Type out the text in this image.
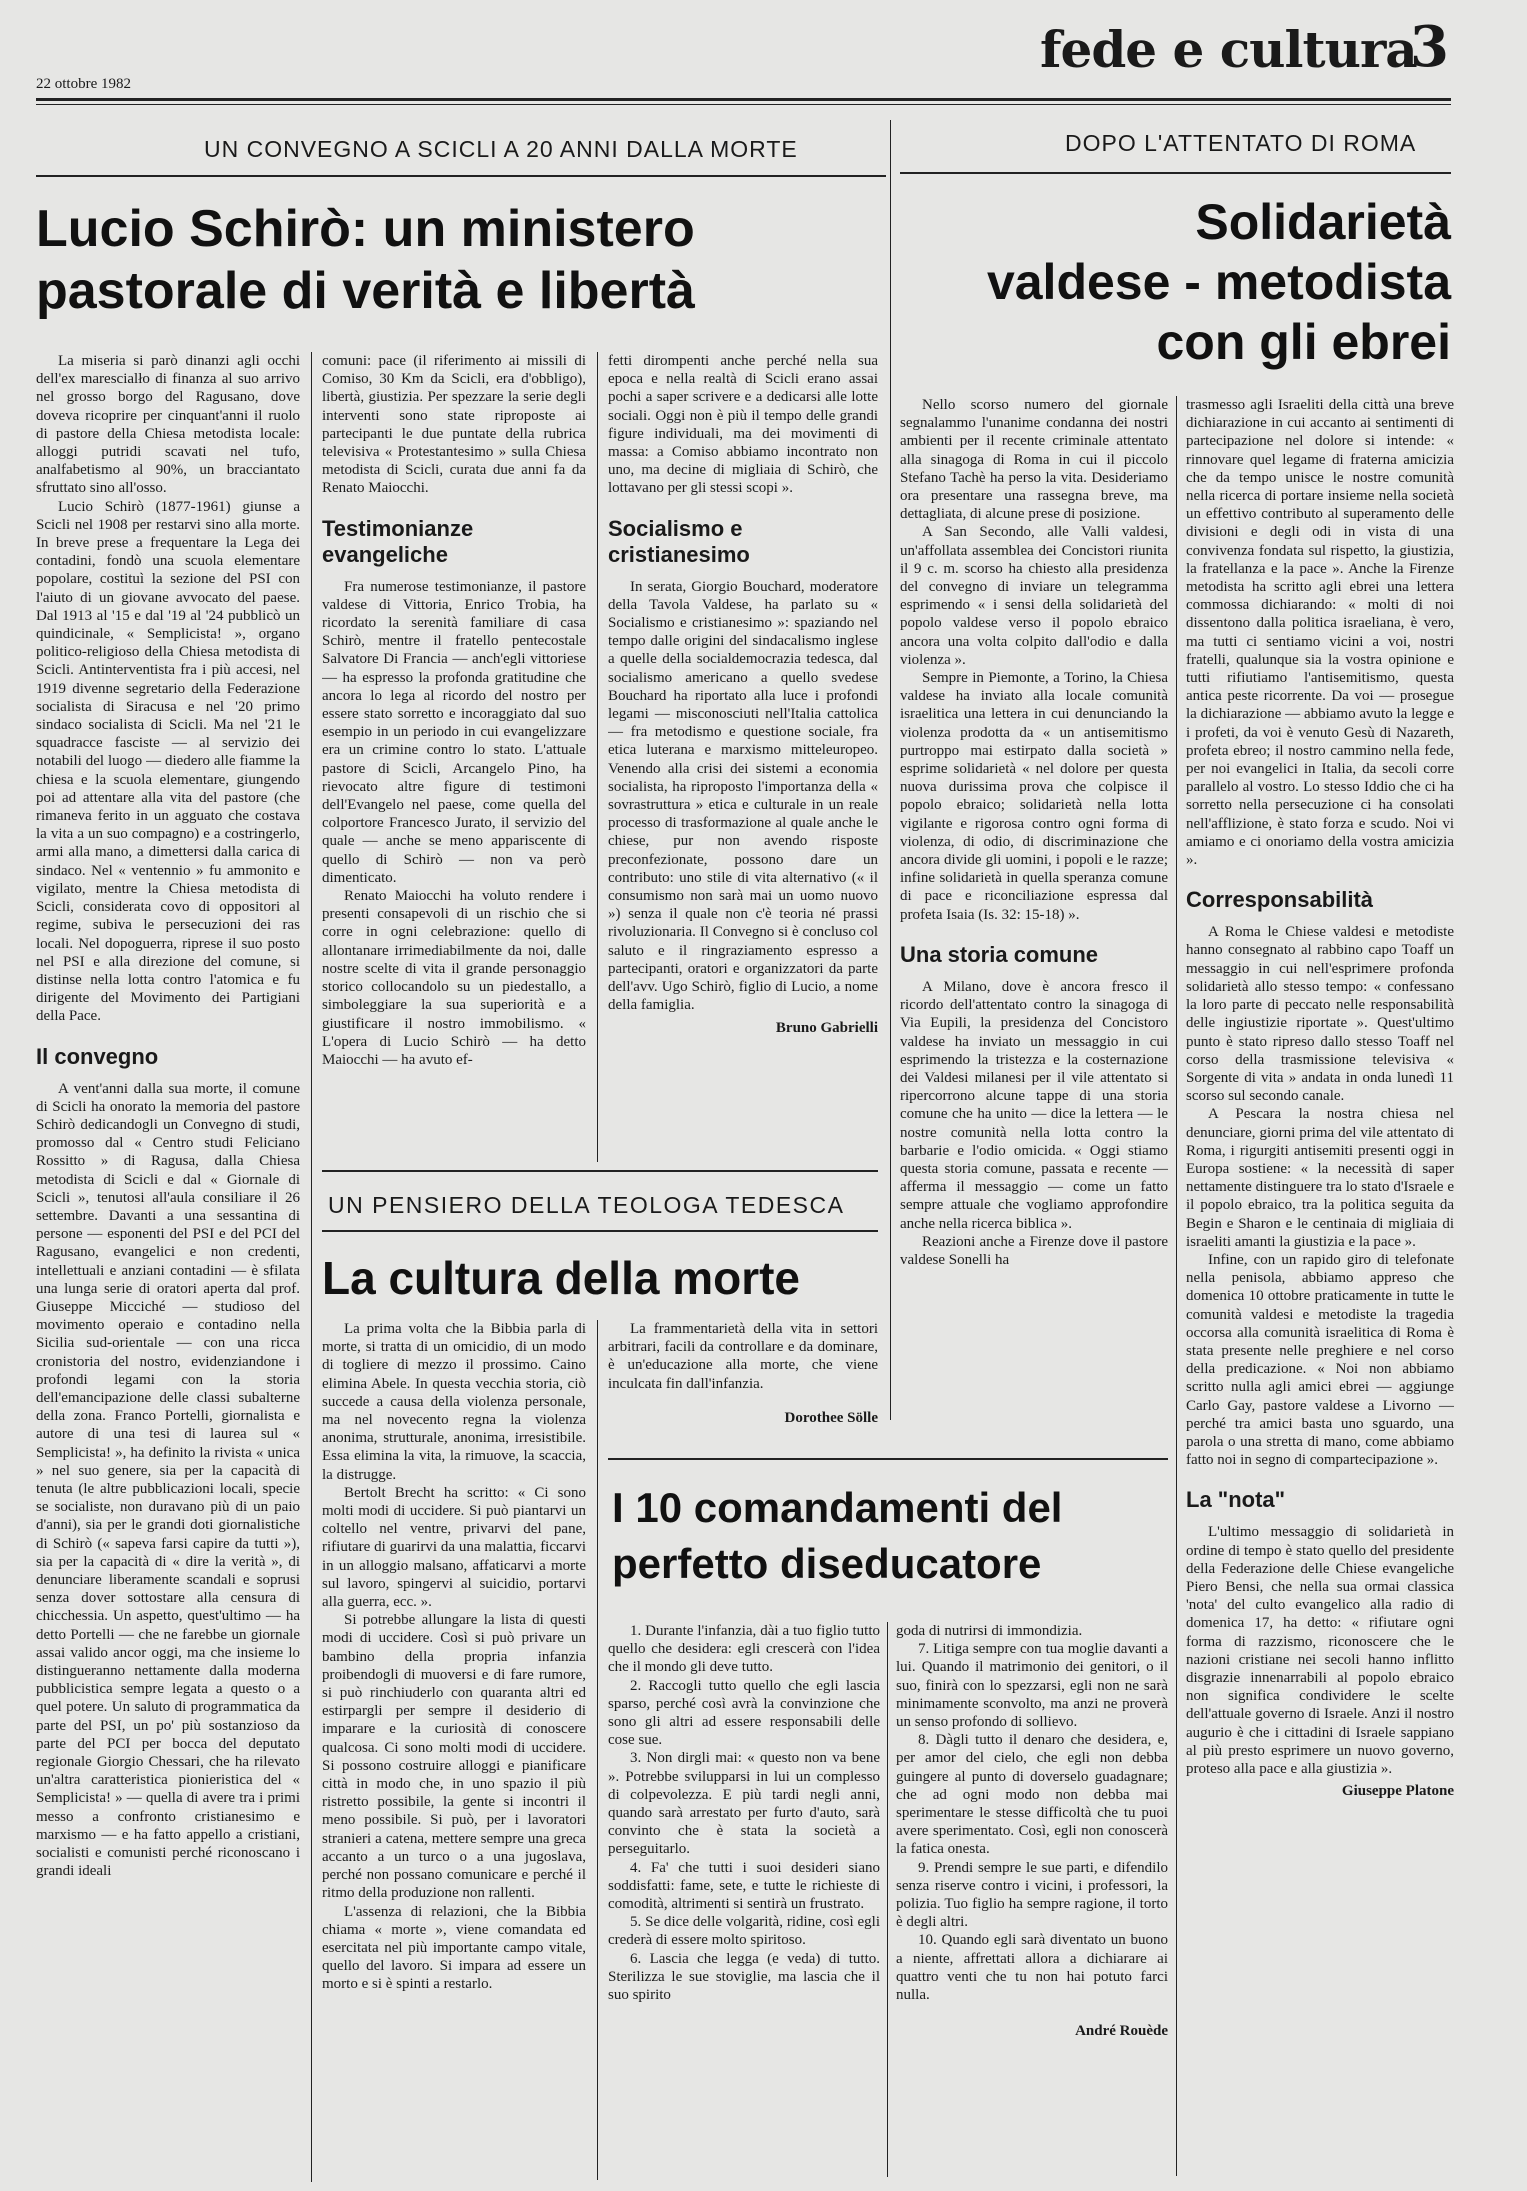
22 ottobre 1982
fede e cultura
3
UN CONVEGNO A SCICLI A 20 ANNI DALLA MORTE
Lucio Schirò: un ministero
pastorale di verità e libertà

La miseria si parò dinanzi agli occhi dell'ex marescialło di finanza al suo arrivo nel grosso borgo del Ragusano, dove doveva ricoprire per cinquant'anni il ruolo di pastore della Chiesa metodista locale: alloggi putridi scavati nel tufo, analfabetismo al 90%, un bracciantato sfruttato sino all'osso.

Lucio Schirò (1877-1961) giunse a Scicli nel 1908 per restarvi sino alla morte. In breve prese a frequentare la Lega dei contadini, fondò una scuola elementare popolare, costituì la sezione del PSI con l'aiuto di un giovane avvocato del paese. Dal 1913 al '15 e dal '19 al '24 pubblicò un quindicinale, « Semplicista! », organo politico-religioso della Chiesa metodista di Scicli. Antinterventista fra i più accesi, nel 1919 divenne segretario della Federazione socialista di Siracusa e nel '20 primo sindaco socialista di Scicli. Ma nel '21 le squadracce fasciste — al servizio dei notabili del luogo — diedero alle fiamme la chiesa e la scuola elementare, giungendo poi ad attentare alla vita del pastore (che rimaneva ferito in un agguato che costava la vita a un suo compagno) e a costringerlo, armi alla mano, a dimettersi dalla carica di sindaco. Nel « ventennio » fu ammonito e vigilato, mentre la Chiesa metodista di Scicli, considerata covo di oppositori al regime, subiva le persecuzioni dei ras locali. Nel dopoguerra, riprese il suo posto nel PSI e alla direzione del comune, si distinse nella lotta contro l'atomica e fu dirigente del Movimento dei Partigiani della Pace.

Il convegno

A vent'anni dalla sua morte, il comune di Scicli ha onorato la memoria del pastore Schirò dedicandogli un Convegno di studi, promosso dal « Centro studi Feliciano Rossitto » di Ragusa, dalla Chiesa metodista di Scicli e dal « Giornale di Scicli », tenutosi all'aula consiliare il 26 settembre. Davanti a una sessantina di persone — esponenti del PSI e del PCI del Ragusano, evangelici e non credenti, intellettuali e anziani contadini — è sfilata una lunga serie di oratori aperta dal prof. Giuseppe Micciché — studioso del movimento operaio e contadino nella Sicilia sud-orientale — con una ricca cronistoria del nostro, evidenziandone i profondi legami con la storia dell'emancipazione delle classi subalterne della zona. Franco Portelli, giornalista e autore di una tesi di laurea sul « Semplicista! », ha definito la rivista « unica » nel suo genere, sia per la capacità di tenuta (le altre pubblicazioni locali, specie se socialiste, non duravano più di un paio d'anni), sia per le grandi doti giornalistiche di Schirò (« sapeva farsi capire da tutti »), sia per la capacità di « dire la verità », di denunciare liberamente scandali e soprusi senza dover sottostare alla censura di chicchessia. Un aspetto, quest'ultimo — ha detto Portelli — che ne farebbe un giornale assai valido ancor oggi, ma che insieme lo distingueranno nettamente dalla moderna pubblicistica sempre legata a questo o a quel potere. Un saluto di programmatica da parte del PSI, un po' più sostanzioso da parte del PCI per bocca del deputato regionale Giorgio Chessari, che ha rilevato un'altra caratteristica pionieristica del « Semplicista! » — quella di avere tra i primi messo a confronto cristianesimo e marxismo — e ha fatto appello a cristiani, socialisti e comunisti perché riconoscano i grandi ideali

comuni: pace (il riferimento ai missili di Comiso, 30 Km da Scicli, era d'obbligo), libertà, giustizia. Per spezzare la serie degli interventi sono state riproposte ai partecipanti le due puntate della rubrica televisiva « Protestantesimo » sulla Chiesa metodista di Scicli, curata due anni fa da Renato Maiocchi.

Testimonianze evangeliche

Fra numerose testimonianze, il pastore valdese di Vittoria, Enrico Trobia, ha ricordato la serenità familiare di casa Schirò, mentre il fratello pentecostale Salvatore Di Francia — anch'egli vittoriese — ha espresso la profonda gratitudine che ancora lo lega al ricordo del nostro per essere stato sorretto e incoraggiato dal suo esempio in un periodo in cui evangelizzare era un crimine contro lo stato. L'attuale pastore di Scicli, Arcangelo Pino, ha rievocato altre figure di testimoni dell'Evangelo nel paese, come quella del colportore Francesco Jurato, il servizio del quale — anche se meno appariscente di quello di Schirò — non va però dimenticato.

Renato Maiocchi ha voluto rendere i presenti consapevoli di un rischio che si corre in ogni celebrazione: quello di allontanare irrimediabilmente da noi, dalle nostre scelte di vita il grande personaggio storico collocandolo su un piedestallo, a simboleggiare la sua superiorità e a giustificare il nostro immobilismo. « L'opera di Lucio Schirò — ha detto Maiocchi — ha avuto ef-

fetti dirompenti anche perché nella sua epoca e nella realtà di Scicli erano assai pochi a saper scrivere e a dedicarsi alle lotte sociali. Oggi non è più il tempo delle grandi figure individuali, ma dei movimenti di massa: a Comiso abbiamo incontrato non uno, ma decine di migliaia di Schirò, che lottavano per gli stessi scopi ».

Socialismo e cristianesimo

In serata, Giorgio Bouchard, moderatore della Tavola Valdese, ha parlato su « Socialismo e cristianesimo »: spaziando nel tempo dalle origini del sindacalismo inglese a quelle della socialdemocrazia tedesca, dal socialismo americano a quello svedese Bouchard ha riportato alla luce i profondi legami — misconosciuti nell'Italia cattolica — fra metodismo e questione sociale, fra etica luterana e marxismo mitteleuropeo. Venendo alla crisi dei sistemi a economia socialista, ha riproposto l'importanza della « sovrastruttura » etica e culturale in un reale processo di trasformazione al quale anche le chiese, pur non avendo risposte preconfezionate, possono dare un contributo: uno stile di vita alternativo (« il consumismo non sarà mai un uomo nuovo ») senza il quale non c'è teoria né prassi rivoluzionaria. Il Convegno si è concluso col saluto e il ringraziamento espresso a partecipanti, oratori e organizzatori da parte dell'avv. Ugo Schirò, figlio di Lucio, a nome della famiglia.

Bruno Gabrielli

DOPO L'ATTENTATO DI ROMA
Solidarietà
valdese - metodista
con gli ebrei

Nello scorso numero del giornale segnalammo l'unanime condanna dei nostri ambienti per il recente criminale attentato alla sinagoga di Roma in cui il piccolo Stefano Tachè ha perso la vita. Desideriamo ora presentare una rassegna breve, ma dettagliata, di alcune prese di posizione.

A San Secondo, alle Valli valdesi, un'affollata assemblea dei Concistori riunita il 9 c. m. scorso ha chiesto alla presidenza del convegno di inviare un telegramma esprimendo « i sensi della solidarietà del popolo valdese verso il popolo ebraico ancora una volta colpito dall'odio e dalla violenza ».

Sempre in Piemonte, a Torino, la Chiesa valdese ha inviato alla locale comunità israelitica una lettera in cui denunciando la violenza prodotta da « un antisemitismo purtroppo mai estirpato dalla società » esprime solidarietà « nel dolore per questa nuova durissima prova che colpisce il popolo ebraico; solidarietà nella lotta vigilante e rigorosa contro ogni forma di violenza, di odio, di discriminazione che ancora divide gli uomini, i popoli e le razze; infine solidarietà in quella speranza comune di pace e riconciliazione espressa dal profeta Isaia (Is. 32: 15-18) ».

Una storia comune

A Milano, dove è ancora fresco il ricordo dell'attentato contro la sinagoga di Via Eupili, la presidenza del Concistoro valdese ha inviato un messaggio in cui esprimendo la tristezza e la costernazione dei Valdesi milanesi per il vile attentato si ripercorrono alcune tappe di una storia comune che ha unito — dice la lettera — le nostre comunità nella lotta contro la barbarie e l'odio omicida. « Oggi stiamo questa storia comune, passata e recente — afferma il messaggio — come un fatto sempre attuale che vogliamo approfondire anche nella ricerca biblica ».

Reazioni anche a Firenze dove il pastore valdese Sonelli ha

trasmesso agli Israeliti della città una breve dichiarazione in cui accanto ai sentimenti di partecipazione nel dolore si intende: « rinnovare quel legame di fraterna amicizia che da tempo unisce le nostre comunità nella ricerca di portare insieme nella società un effettivo contributo al superamento delle divisioni e degli odi in vista di una convivenza fondata sul rispetto, la giustizia, la fratellanza e la pace ». Anche la Firenze metodista ha scritto agli ebrei una lettera commossa dichiarando: « molti di noi dissentono dalla politica israeliana, è vero, ma tutti ci sentiamo vicini a voi, nostri fratelli, qualunque sia la vostra opinione e tutti rifiutiamo l'antisemitismo, questa antica peste ricorrente. Da voi — prosegue la dichiarazione — abbiamo avuto la legge e i profeti, da voi è venuto Gesù di Nazareth, profeta ebreo; il nostro cammino nella fede, per noi evangelici in Italia, da secoli corre parallelo al vostro. Lo stesso Iddio che ci ha sorretto nella persecuzione ci ha consolati nell'afflizione, è stato forza e scudo. Noi vi amiamo e ci onoriamo della vostra amicizia ».

Corresponsabilità

A Roma le Chiese valdesi e metodiste hanno consegnato al rabbino capo Toaff un messaggio in cui nell'esprimere profonda solidarietà allo stesso tempo: « confessano la loro parte di peccato nelle responsabilità delle ingiustizie riportate ». Quest'ultimo punto è stato ripreso dallo stesso Toaff nel corso della trasmissione televisiva « Sorgente di vita » andata in onda lunedì 11 scorso sul secondo canale.

A Pescara la nostra chiesa nel denunciare, giorni prima del vile attentato di Roma, i rigurgiti antisemiti presenti oggi in Europa sostiene: « la necessità di saper nettamente distinguere tra lo stato d'Israele e il popolo ebraico, tra la politica seguita da Begin e Sharon e le centinaia di migliaia di israeliti amanti la giustizia e la pace ».

Infine, con un rapido giro di telefonate nella penisola, abbiamo appreso che domenica 10 ottobre praticamente in tutte le comunità valdesi e metodiste la tragedia occorsa alla comunità israelitica di Roma è stata presente nelle preghiere e nel corso della predicazione. « Noi non abbiamo scritto nulla agli amici ebrei — aggiunge Carlo Gay, pastore valdese a Livorno — perché tra amici basta uno sguardo, una parola o una stretta di mano, come abbiamo fatto noi in segno di compartecipazione ».

La "nota"

L'ultimo messaggio di solidarietà in ordine di tempo è stato quello del presidente della Federazione delle Chiese evangeliche Piero Bensi, che nella sua ormai classica 'nota' del culto evangelico alla radio di domenica 17, ha detto: « rifiutare ogni forma di razzismo, riconoscere che le nazioni cristiane nei secoli hanno inflitto disgrazie innenarrabili al popolo ebraico non significa condividere le scelte dell'attuale governo di Israele. Anzi il nostro augurio è che i cittadini di Israele sappiano al più presto esprimere un nuovo governo, proteso alla pace e alla giustizia ».

Giuseppe Platone

UN PENSIERO DELLA TEOLOGA TEDESCA
La cultura della morte

La prima volta che la Bibbia parla di morte, si tratta di un omicidio, di un modo di togliere di mezzo il prossimo. Caino elimina Abele. In questa vecchia storia, ciò succede a causa della violenza personale, ma nel novecento regna la violenza anonima, strutturale, anonima, irresistibile. Essa elimina la vita, la rimuove, la scaccia, la distrugge.

Bertolt Brecht ha scritto: « Ci sono molti modi di uccidere. Si può piantarvi un coltello nel ventre, privarvi del pane, rifiutare di guarirvi da una malattia, ficcarvi in un alloggio malsano, affaticarvi a morte sul lavoro, spingervi al suicidio, portarvi alla guerra, ecc. ».

Si potrebbe allungare la lista di questi modi di uccidere. Così si può privare un bambino della propria infanzia proibendogli di muoversi e di fare rumore, si può rinchiuderlo con quaranta altri ed estirpargli per sempre il desiderio di imparare e la curiosità di conoscere qualcosa. Ci sono molti modi di uccidere. Si possono costruire alloggi e pianificare città in modo che, in uno spazio il più ristretto possibile, la gente si incontri il meno possibile. Si può, per i lavoratori stranieri a catena, mettere sempre una greca accanto a un turco o a una jugoslava, perché non possano comunicare e perché il ritmo della produzione non rallenti.

L'assenza di relazioni, che la Bibbia chiama « morte », viene comandata ed esercitata nel più importante campo vitale, quello del lavoro. Si impara ad essere un morto e si è spinti a restarlo.

La frammentarietà della vita in settori arbitrari, facili da controllare e da dominare, è un'educazione alla morte, che viene inculcata fin dall'infanzia.

Dorothee Sölle

I 10 comandamenti del
perfetto diseducatore

1. Durante l'infanzia, dài a tuo figlio tutto quello che desidera: egli crescerà con l'idea che il mondo gli deve tutto.

2. Raccogli tutto quello che egli lascia sparso, perché così avrà la convinzione che sono gli altri ad essere responsabili delle cose sue.

3. Non dirgli mai: « questo non va bene ». Potrebbe svilupparsi in lui un complesso di colpevolezza. E più tardi negli anni, quando sarà arrestato per furto d'auto, sarà convinto che è stata la società a perseguitarlo.

4. Fa' che tutti i suoi desideri siano soddisfatti: fame, sete, e tutte le richieste di comodità, altrimenti si sentirà un frustrato.

5. Se dice delle volgarità, ridine, così egli crederà di essere molto spiritoso.

6. Lascia che legga (e veda) di tutto. Sterilizza le sue stoviglie, ma lascia che il suo spirito

goda di nutrirsi di immondizia.

7. Litiga sempre con tua moglie davanti a lui. Quando il matrimonio dei genitori, o il suo, finirà con lo spezzarsi, egli non ne sarà minimamente sconvolto, ma anzi ne proverà un senso profondo di sollievo.

8. Dàgli tutto il denaro che desidera, e, per amor del cielo, che egli non debba guingere al punto di doverselo guadagnare; che ad ogni modo non debba mai sperimentare le stesse difficoltà che tu puoi avere sperimentato. Così, egli non conoscerà la fatica onesta.

9. Prendi sempre le sue parti, e difendilo senza riserve contro i vicini, i professori, la polizia. Tuo figlio ha sempre ragione, il torto è degli altri.

10. Quando egli sarà diventato un buono a niente, affrettati allora a dichiarare ai quattro venti che tu non hai potuto farci nulla.

André Rouède
